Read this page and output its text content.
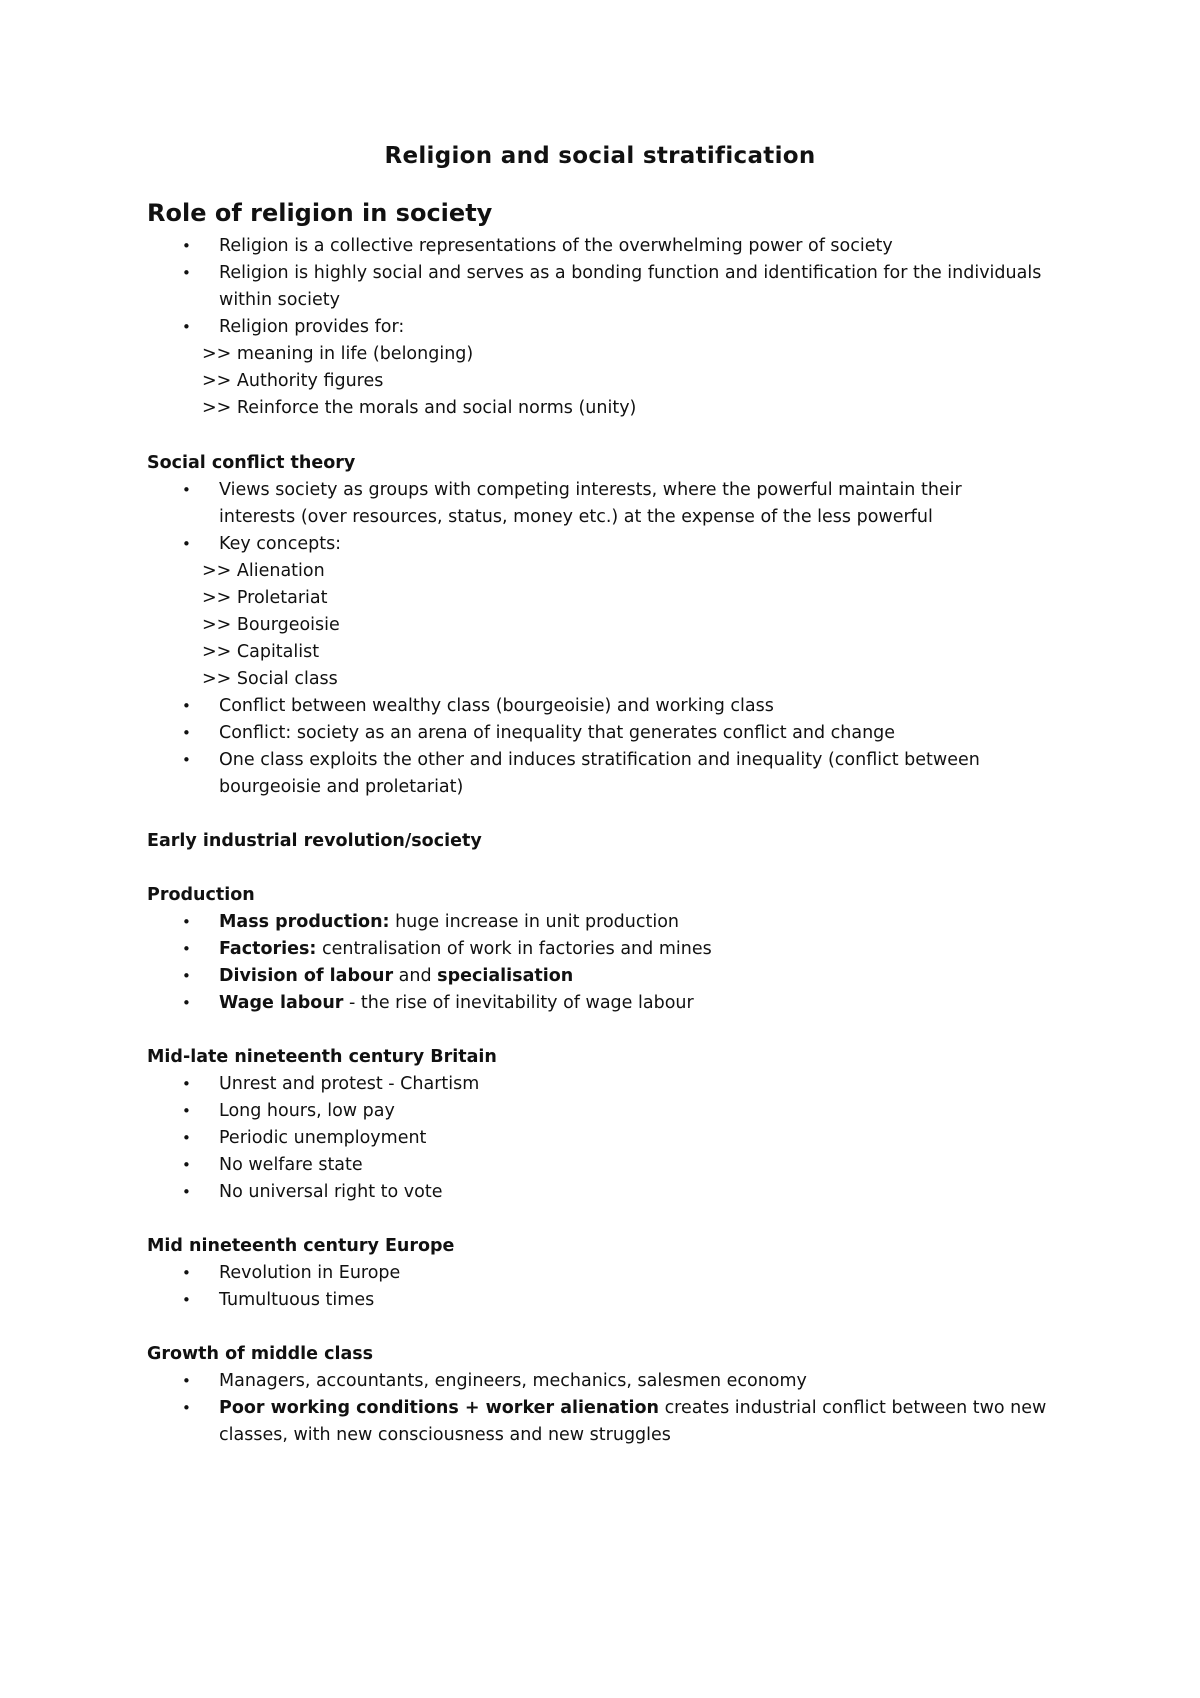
Religion and social stratification
Role of religion in society
• Religion is a collective representations of the overwhelming power of society
• Religion is highly social and serves as a bonding function and identification for the individuals
within society
• Religion provides for:
>> meaning in life (belonging)
>> Authority figures
>> Reinforce the morals and social norms (unity)
Social conflict theory
• Views society as groups with competing interests, where the powerful maintain their
interests (over resources, status, money etc.) at the expense of the less powerful
• Key concepts:
>> Alienation
>> Proletariat
>> Bourgeoisie
>> Capitalist
>> Social class
• Conflict between wealthy class (bourgeoisie) and working class
• Conflict: society as an arena of inequality that generates conflict and change
• One class exploits the other and induces stratification and inequality (conflict between
bourgeoisie and proletariat)
Early industrial revolution/society
Production
• Mass production: huge increase in unit production
• Factories: centralisation of work in factories and mines
• Division of labour and specialisation
• Wage labour - the rise of inevitability of wage labour
Mid-late nineteenth century Britain
• Unrest and protest - Chartism
• Long hours, low pay
• Periodic unemployment
• No welfare state
• No universal right to vote
Mid nineteenth century Europe
• Revolution in Europe
• Tumultuous times
Growth of middle class
• Managers, accountants, engineers, mechanics, salesmen economy
• Poor working conditions + worker alienation creates industrial conflict between two new
classes, with new consciousness and new struggles
